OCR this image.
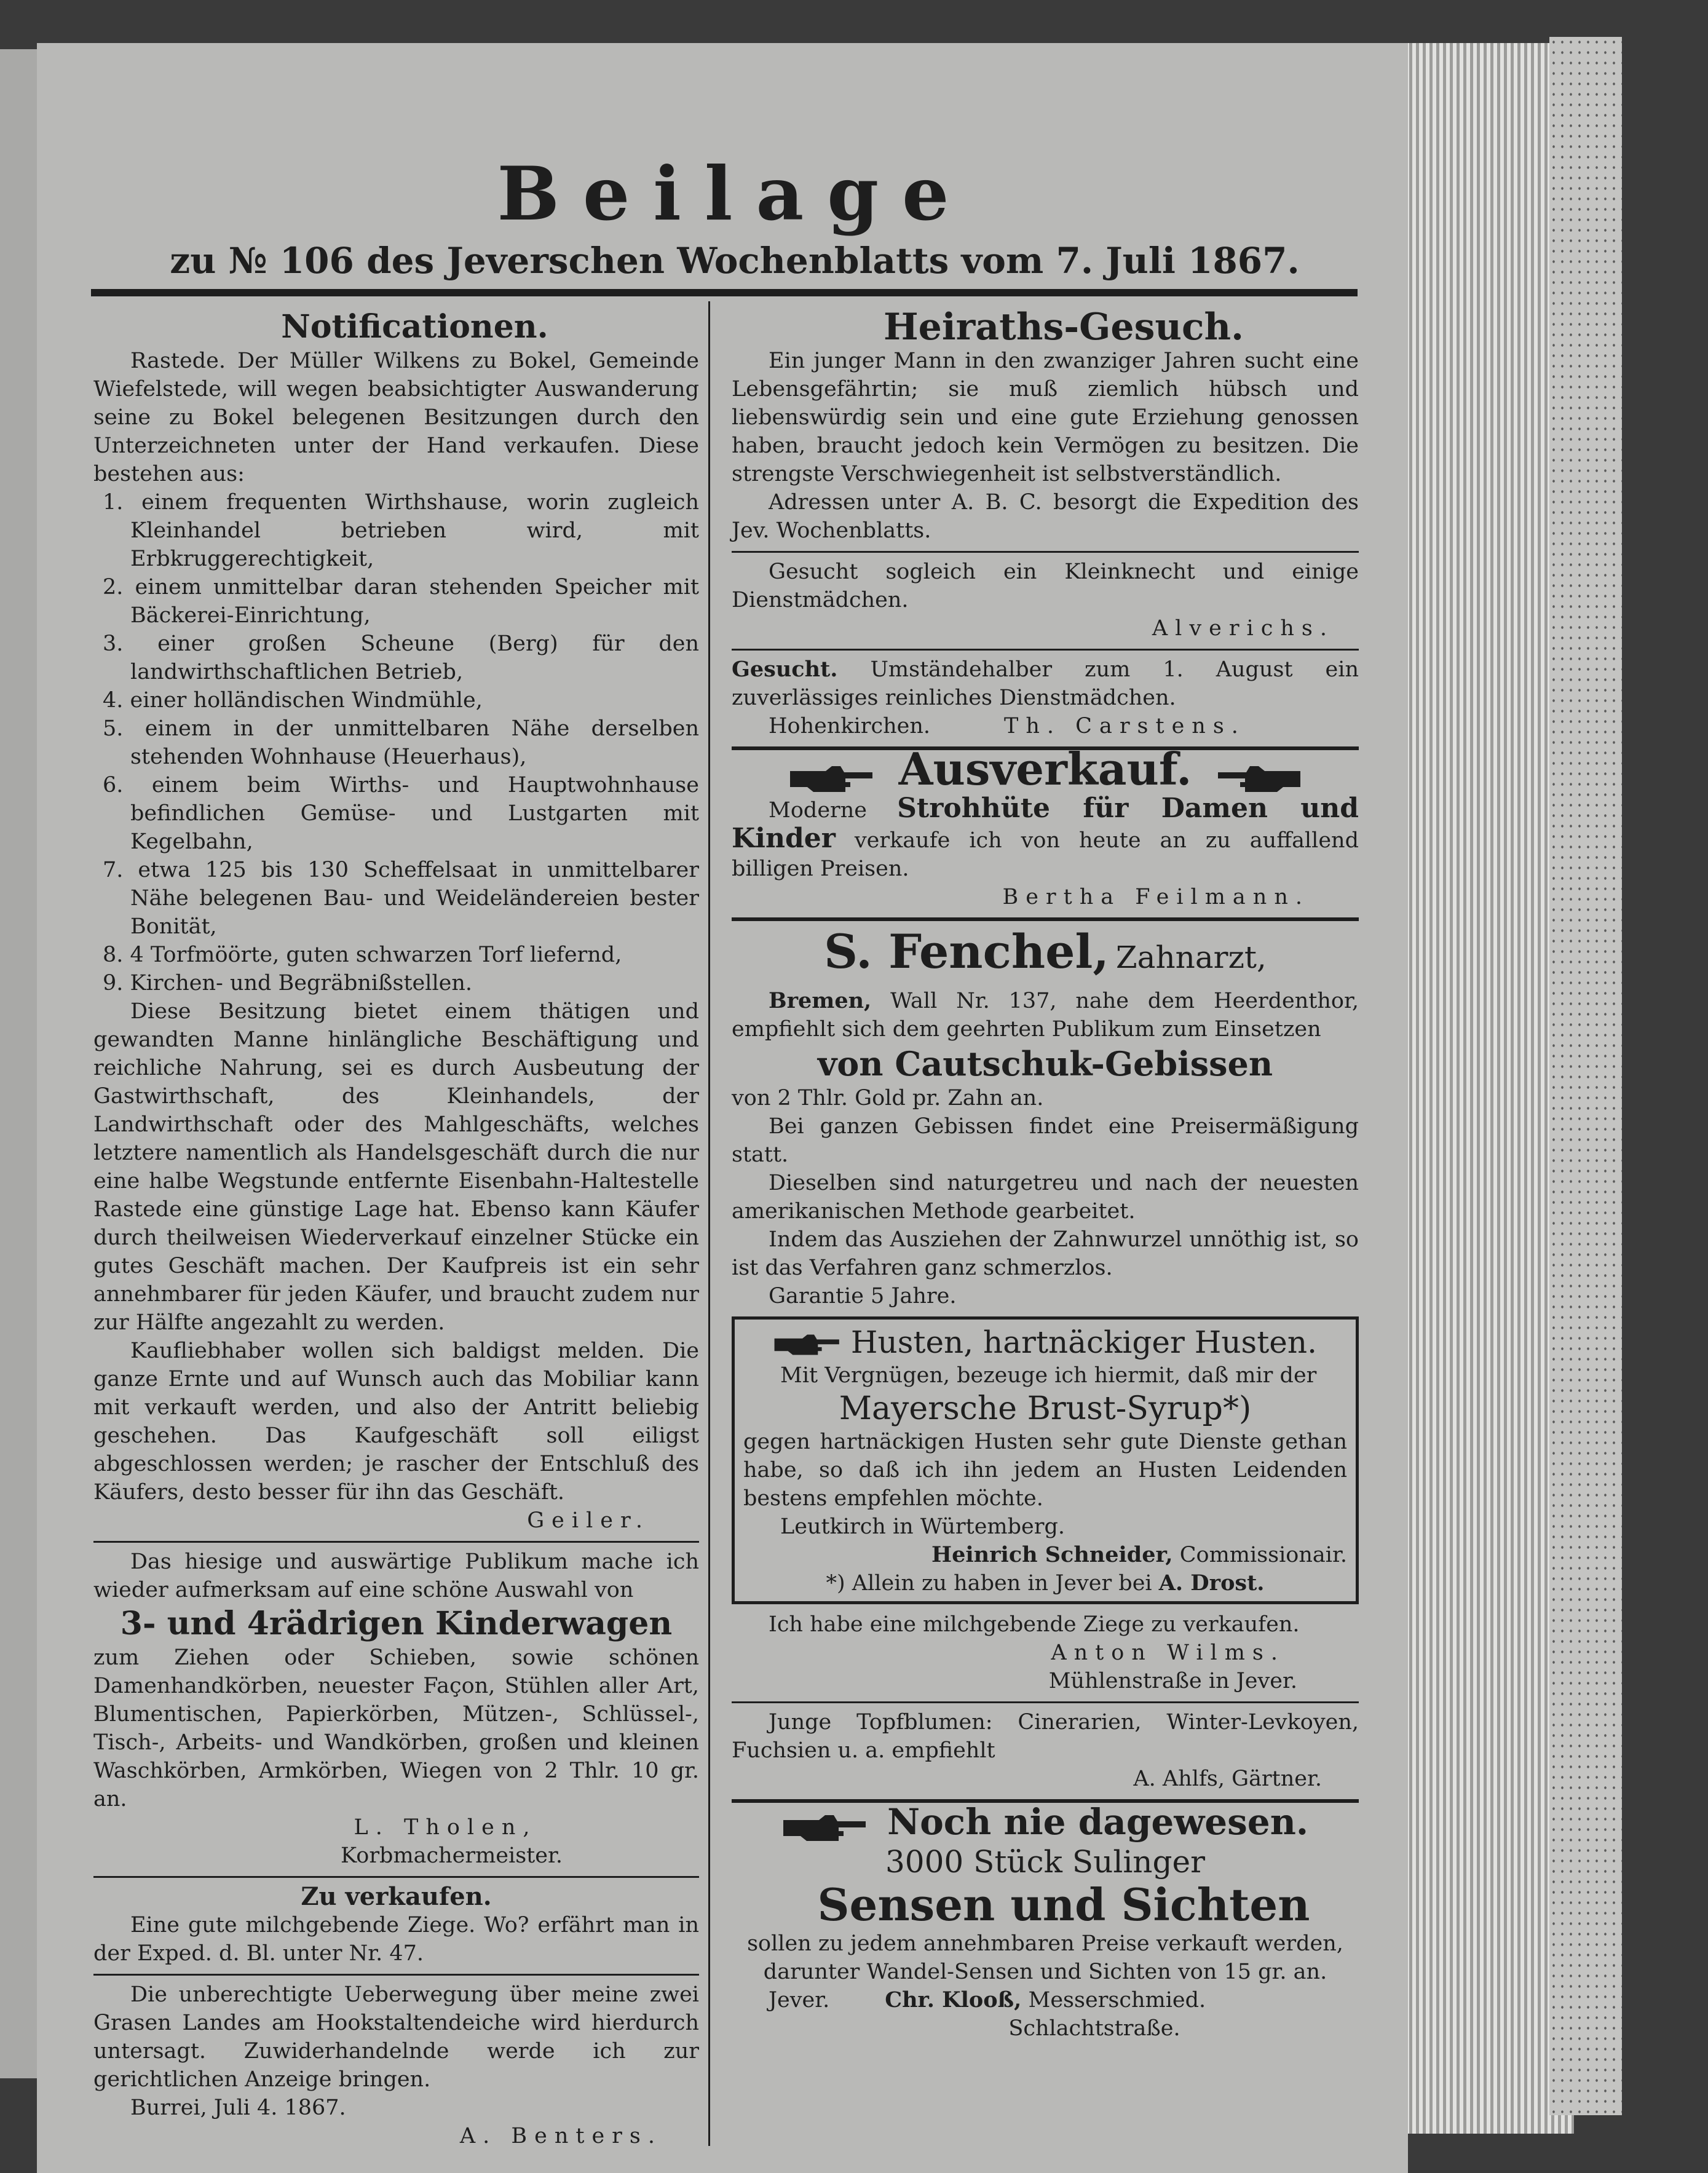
Beilage
zu № 106 des Jeverschen Wochenblatts vom 7. Juli 1867.

Notificationen.

Rastede. Der Müller Wilkens zu Bokel, Gemeinde Wiefelstede, will wegen beabsichtigter Auswanderung seine zu Bokel belegenen Besitzungen durch den Unterzeichneten unter der Hand verkaufen. Diese bestehen aus:

1. einem frequenten Wirthshause, worin zugleich Kleinhandel betrieben wird, mit Erbkruggerechtigkeit,

2. einem unmittelbar daran stehenden Speicher mit Bäckerei-Einrichtung,

3. einer großen Scheune (Berg) für den landwirthschaftlichen Betrieb,

4. einer holländischen Windmühle,

5. einem in der unmittelbaren Nähe derselben stehenden Wohnhause (Heuerhaus),

6. einem beim Wirths- und Hauptwohnhause befindlichen Gemüse- und Lustgarten mit Kegelbahn,

7. etwa 125 bis 130 Scheffelsaat in unmittelbarer Nähe belegenen Bau- und Weideländereien bester Bonität,

8. 4 Torfmöörte, guten schwarzen Torf liefernd,

9. Kirchen- und Begräbnißstellen.

Diese Besitzung bietet einem thätigen und gewandten Manne hinlängliche Beschäftigung und reichliche Nahrung, sei es durch Ausbeutung der Gastwirthschaft, des Kleinhandels, der Landwirthschaft oder des Mahlgeschäfts, welches letztere namentlich als Handelsgeschäft durch die nur eine halbe Wegstunde entfernte Eisenbahn-Haltestelle Rastede eine günstige Lage hat. Ebenso kann Käufer durch theilweisen Wiederverkauf einzelner Stücke ein gutes Geschäft machen. Der Kaufpreis ist ein sehr annehmbarer für jeden Käufer, und braucht zudem nur zur Hälfte angezahlt zu werden.

Kaufliebhaber wollen sich baldigst melden. Die ganze Ernte und auf Wunsch auch das Mobiliar kann mit verkauft werden, und also der Antritt beliebig geschehen. Das Kaufgeschäft soll eiligst abgeschlossen werden; je rascher der Entschluß des Käufers, desto besser für ihn das Geschäft.

Geiler.

Das hiesige und auswärtige Publikum mache ich wieder aufmerksam auf eine schöne Auswahl von

3- und 4rädrigen Kinderwagen

zum Ziehen oder Schieben, sowie schönen Damenhandkörben, neuester Façon, Stühlen aller Art, Blumentischen, Papierkörben, Mützen-, Schlüssel-, Tisch-, Arbeits- und Wandkörben, großen und kleinen Waschkörben, Armkörben, Wiegen von 2 Thlr. 10 gr. an.

L. Tholen,

Korbmachermeister.

Zu verkaufen.

Eine gute milchgebende Ziege. Wo? erfährt man in der Exped. d. Bl. unter Nr. 47.

Die unberechtigte Ueberwegung über meine zwei Grasen Landes am Hookstaltendeiche wird hierdurch untersagt. Zuwiderhandelnde werde ich zur gerichtlichen Anzeige bringen.

Burrei, Juli 4. 1867.

A. Benters.

Heiraths-Gesuch.

Ein junger Mann in den zwanziger Jahren sucht eine Lebensgefährtin; sie muß ziemlich hübsch und liebenswürdig sein und eine gute Erziehung genossen haben, braucht jedoch kein Vermögen zu besitzen. Die strengste Verschwiegenheit ist selbstverständlich.

Adressen unter A. B. C. besorgt die Expedition des Jev. Wochenblatts.

Gesucht sogleich ein Kleinknecht und einige Dienstmädchen.

Alverichs.

Gesucht. Umständehalber zum 1. August ein zuverlässiges reinliches Dienstmädchen.

Hohenkirchen.	Th. Carstens.

Ausverkauf.

Moderne Strohhüte für Damen und Kinder verkaufe ich von heute an zu auffallend billigen Preisen.

Bertha Feilmann.

S. Fenchel, Zahnarzt,

Bremen, Wall Nr. 137, nahe dem Heerdenthor, empfiehlt sich dem geehrten Publikum zum Einsetzen

von Cautschuk-Gebissen

von 2 Thlr. Gold pr. Zahn an.

Bei ganzen Gebissen findet eine Preisermäßigung statt.

Dieselben sind naturgetreu und nach der neuesten amerikanischen Methode gearbeitet.

Indem das Ausziehen der Zahnwurzel unnöthig ist, so ist das Verfahren ganz schmerzlos.

Garantie 5 Jahre.

Husten, hartnäckiger Husten.

Mit Vergnügen, bezeuge ich hiermit, daß mir der

Mayersche Brust-Syrup*)

gegen hartnäckigen Husten sehr gute Dienste gethan habe, so daß ich ihn jedem an Husten Leidenden bestens empfehlen möchte.

Leutkirch in Würtemberg.

Heinrich Schneider, Commissionair.

*) Allein zu haben in Jever bei A. Drost.

Ich habe eine milchgebende Ziege zu verkaufen.

Anton Wilms.

Mühlenstraße in Jever.

Junge Topfblumen: Cinerarien, Winter-Levkoyen, Fuchsien u. a. empfiehlt

A. Ahlfs, Gärtner.

Noch nie dagewesen.

3000 Stück Sulinger

Sensen und Sichten

sollen zu jedem annehmbaren Preise verkauft werden, darunter Wandel-Sensen und Sichten von 15 gr. an.

Jever.	Chr. Klooß, Messerschmied.

Schlachtstraße.
